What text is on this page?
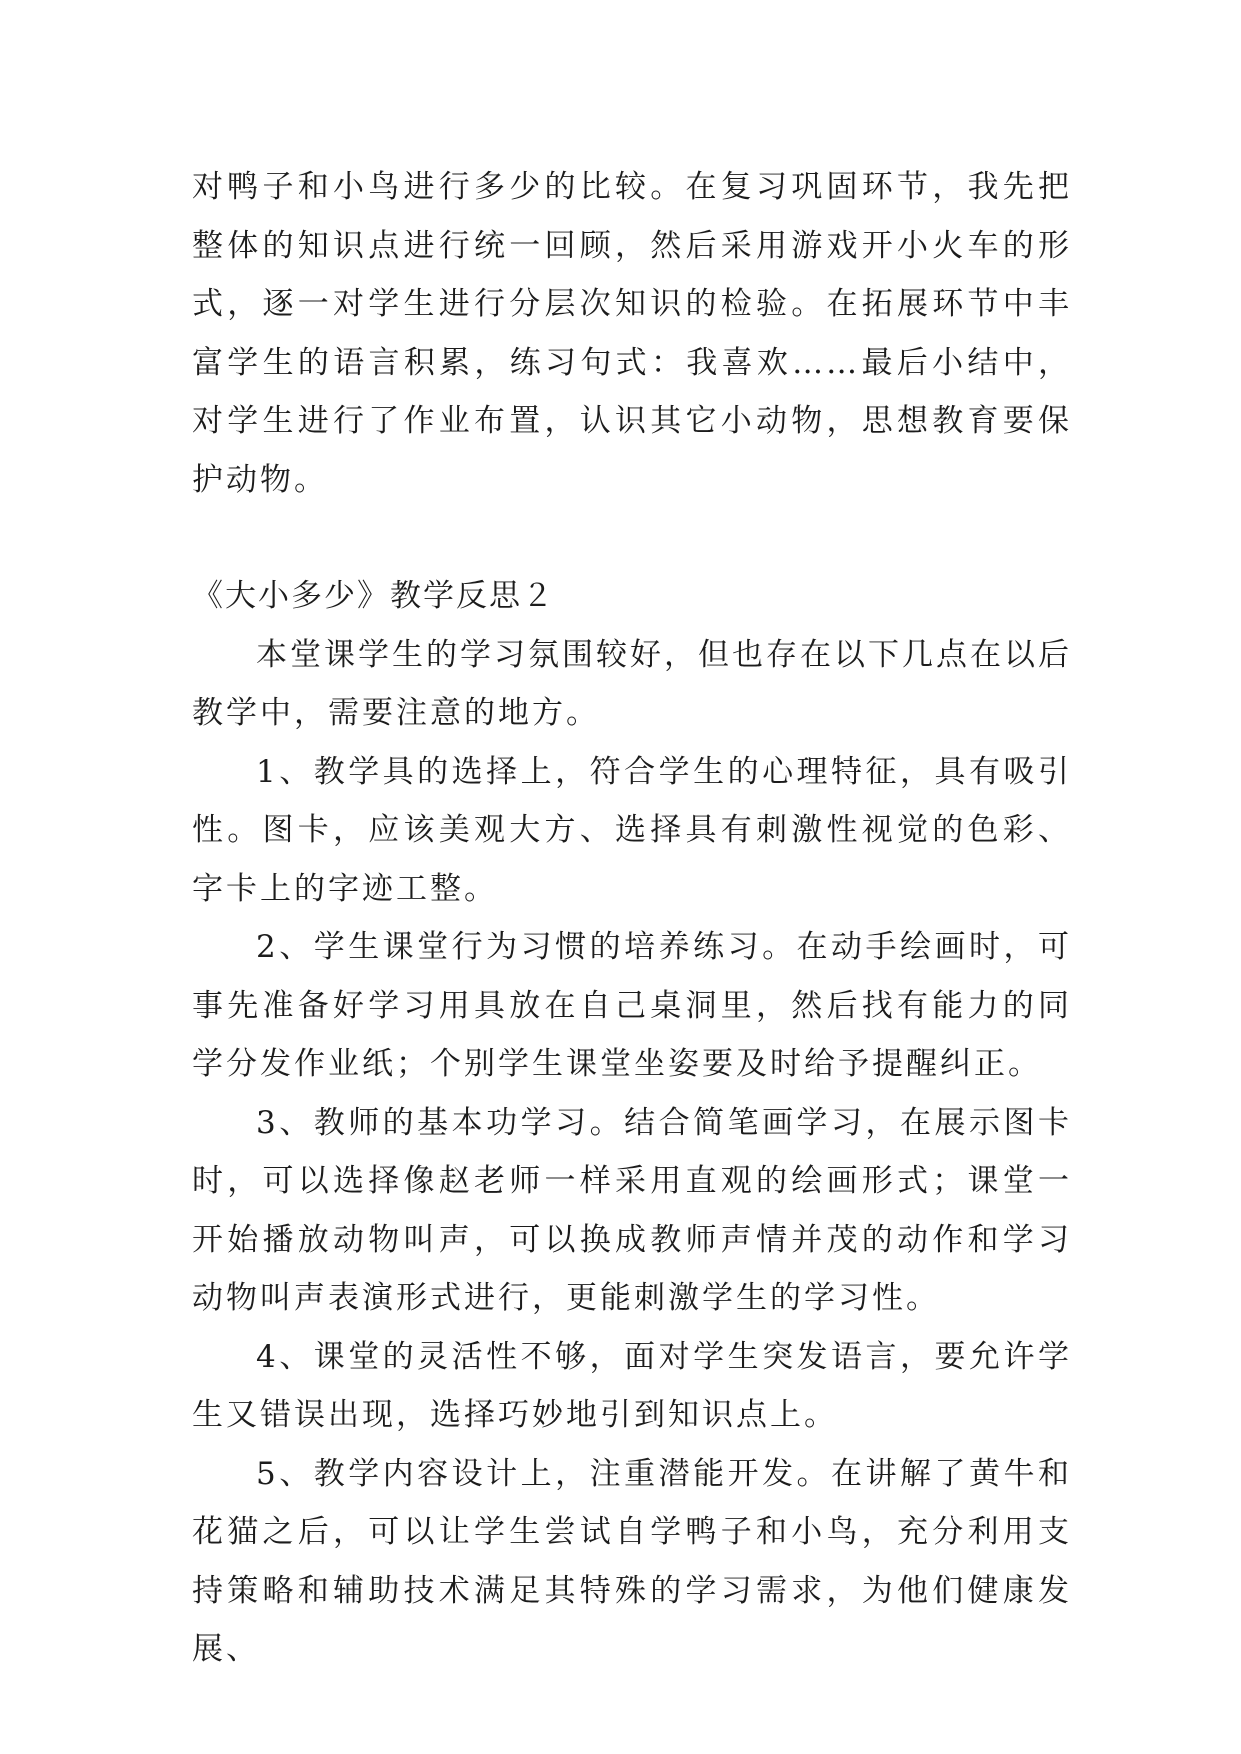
对鸭子和小鸟进行多少的比较。在复习巩固环节，我先把整体的知识点进行统一回顾，然后采用游戏开小火车的形式，逐一对学生进行分层次知识的检验。在拓展环节中丰富学生的语言积累，练习句式：我喜欢……最后小结中，对学生进行了作业布置，认识其它小动物，思想教育要保护动物。

《大小多少》教学反思２

本堂课学生的学习氛围较好，但也存在以下几点在以后教学中，需要注意的地方。

1、教学具的选择上，符合学生的心理特征，具有吸引性。图卡，应该美观大方、选择具有刺激性视觉的色彩、字卡上的字迹工整。

2、学生课堂行为习惯的培养练习。在动手绘画时，可事先准备好学习用具放在自己桌洞里，然后找有能力的同学分发作业纸；个别学生课堂坐姿要及时给予提醒纠正。

3、教师的基本功学习。结合简笔画学习，在展示图卡时，可以选择像赵老师一样采用直观的绘画形式；课堂一开始播放动物叫声，可以换成教师声情并茂的动作和学习动物叫声表演形式进行，更能刺激学生的学习性。

4、课堂的灵活性不够，面对学生突发语言，要允许学生又错误出现，选择巧妙地引到知识点上。

5、教学内容设计上，注重潜能开发。在讲解了黄牛和花猫之后，可以让学生尝试自学鸭子和小鸟，充分利用支持策略和辅助技术满足其特殊的学习需求，为他们健康发展、
